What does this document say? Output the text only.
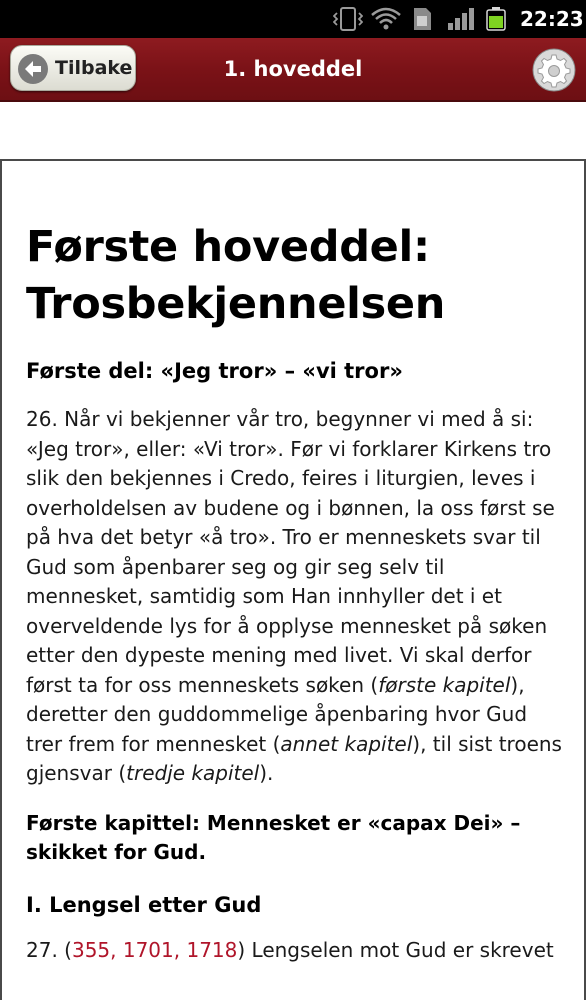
22:23
Tilbake	1. hoveddel
Første hoveddel: Trosbekjennelsen
Første del: «Jeg tror» – «vi tror»

26. Når vi bekjenner vår tro, begynner vi med å si: «Jeg tror», eller: «Vi tror». Før vi forklarer Kirkens tro slik den bekjennes i Credo, feires i liturgien, leves i overholdelsen av budene og i bønnen, la oss først se på hva det betyr «å tro». Tro er menneskets svar til Gud som åpenbarer seg og gir seg selv til mennesket, samtidig som Han innhyller det i et overveldende lys for å opplyse mennesket på søken etter den dypeste mening med livet. Vi skal derfor først ta for oss menneskets søken (første kapitel), deretter den guddommelige åpenbaring hvor Gud trer frem for mennesket (annet kapitel), til sist troens gjensvar (tredje kapitel).

Første kapittel: Mennesket er «capax Dei» – skikket for Gud.
I. Lengsel etter Gud

27. (355, 1701, 1718) Lengselen mot Gud er skrevet
